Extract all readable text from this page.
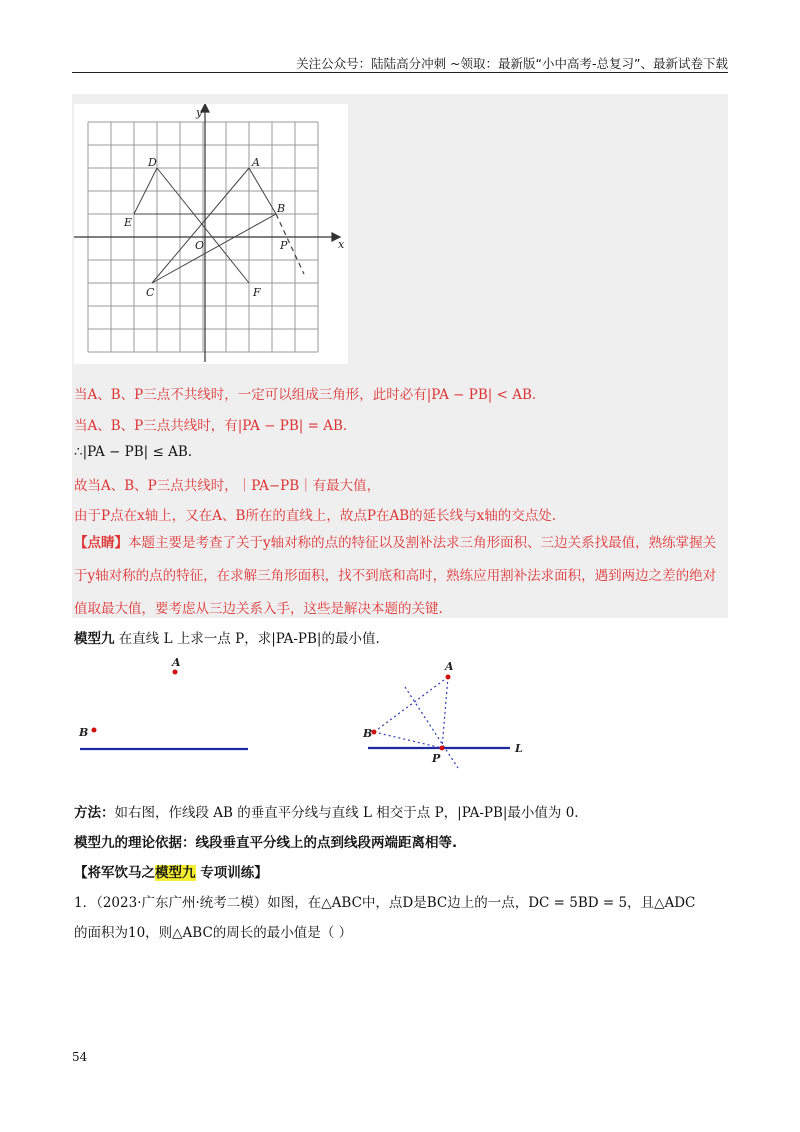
关注公众号：陆陆高分冲刺 ~领取：最新版“小中高考-总复习”、最新试卷下载
y
x
D	A
E
B
O	P
C	F
当A、B、P三点不共线时，一定可以组成三角形，此时必有|PA − PB| < AB.
当A、B、P三点共线时，有|PA − PB| = AB.
∴|PA − PB| ≤ AB.
故当A、B、P三点共线时，｜PA−PB｜有最大值，
由于P点在x轴上，又在A、B所在的直线上，故点P在AB的延长线与x轴的交点处.
【点睛】本题主要是考查了关于y轴对称的点的特征以及割补法求三角形面积、三边关系找最值，熟练掌握关于y轴对称的点的特征，在求解三角形面积，找不到底和高时，熟练应用割补法求面积，遇到两边之差的绝对值取最大值，要考虑从三边关系入手，这些是解决本题的关键.
模型九 在直线 L 上求一点 P，求|PA-PB|的最小值.
A
B
A
B
P
L
方法：如右图，作线段 AB 的垂直平分线与直线 L 相交于点 P，|PA-PB|最小值为 0.
模型九的理论依据：线段垂直平分线上的点到线段两端距离相等.
【将军饮马之模型九 专项训练】
1．（2023·广东广州·统考二模）如图，在△ABC中，点D是BC边上的一点，DC = 5BD = 5，且△ADC
的面积为10，则△ABC的周长的最小值是（ ）
54
